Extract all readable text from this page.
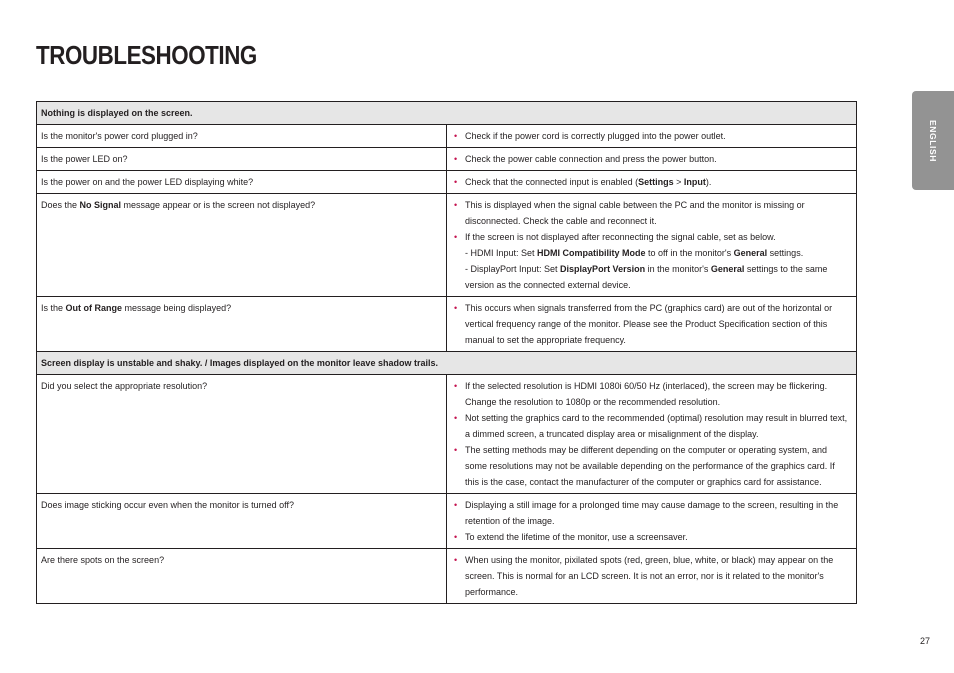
TROUBLESHOOTING
ENGLISH
Nothing is displayed on the screen.	
Is the monitor's power cord plugged in?	• Check if the power cord is correctly plugged into the power outlet.

Is the power LED on?	• Check the power cable connection and press the power button.

Is the power on and the power LED displaying white?	• Check that the connected input is enabled (Settings > Input).

Does the No Signal message appear or is the screen not displayed?	• This is displayed when the signal cable between the PC and the monitor is missing or disconnected. Check the cable and reconnect it.
• If the screen is not displayed after reconnecting the signal cable, set as below.
- HDMI Input: Set HDMI Compatibility Mode to off in the monitor's General settings.
- DisplayPort Input: Set DisplayPort Version in the monitor's General settings to the same version as the connected external device.

Is the Out of Range message being displayed?	• This occurs when signals transferred from the PC (graphics card) are out of the horizontal or vertical frequency range of the monitor. Please see the Product Specification section of this manual to set the appropriate frequency.

Screen display is unstable and shaky. / Images displayed on the monitor leave shadow trails.	
Did you select the appropriate resolution?	• If the selected resolution is HDMI 1080i 60/50 Hz (interlaced), the screen may be flickering. Change the resolution to 1080p or the recommended resolution.
• Not setting the graphics card to the recommended (optimal) resolution may result in blurred text, a dimmed screen, a truncated display area or misalignment of the display.
• The setting methods may be different depending on the computer or operating system, and some resolutions may not be available depending on the performance of the graphics card. If this is the case, contact the manufacturer of the computer or graphics card for assistance.

Does image sticking occur even when the monitor is turned off?	• Displaying a still image for a prolonged time may cause damage to the screen, resulting in the retention of the image.
• To extend the lifetime of the monitor, use a screensaver.

Are there spots on the screen?	• When using the monitor, pixilated spots (red, green, blue, white, or black) may appear on the screen. This is normal for an LCD screen. It is not an error, nor is it related to the monitor's performance.
27
